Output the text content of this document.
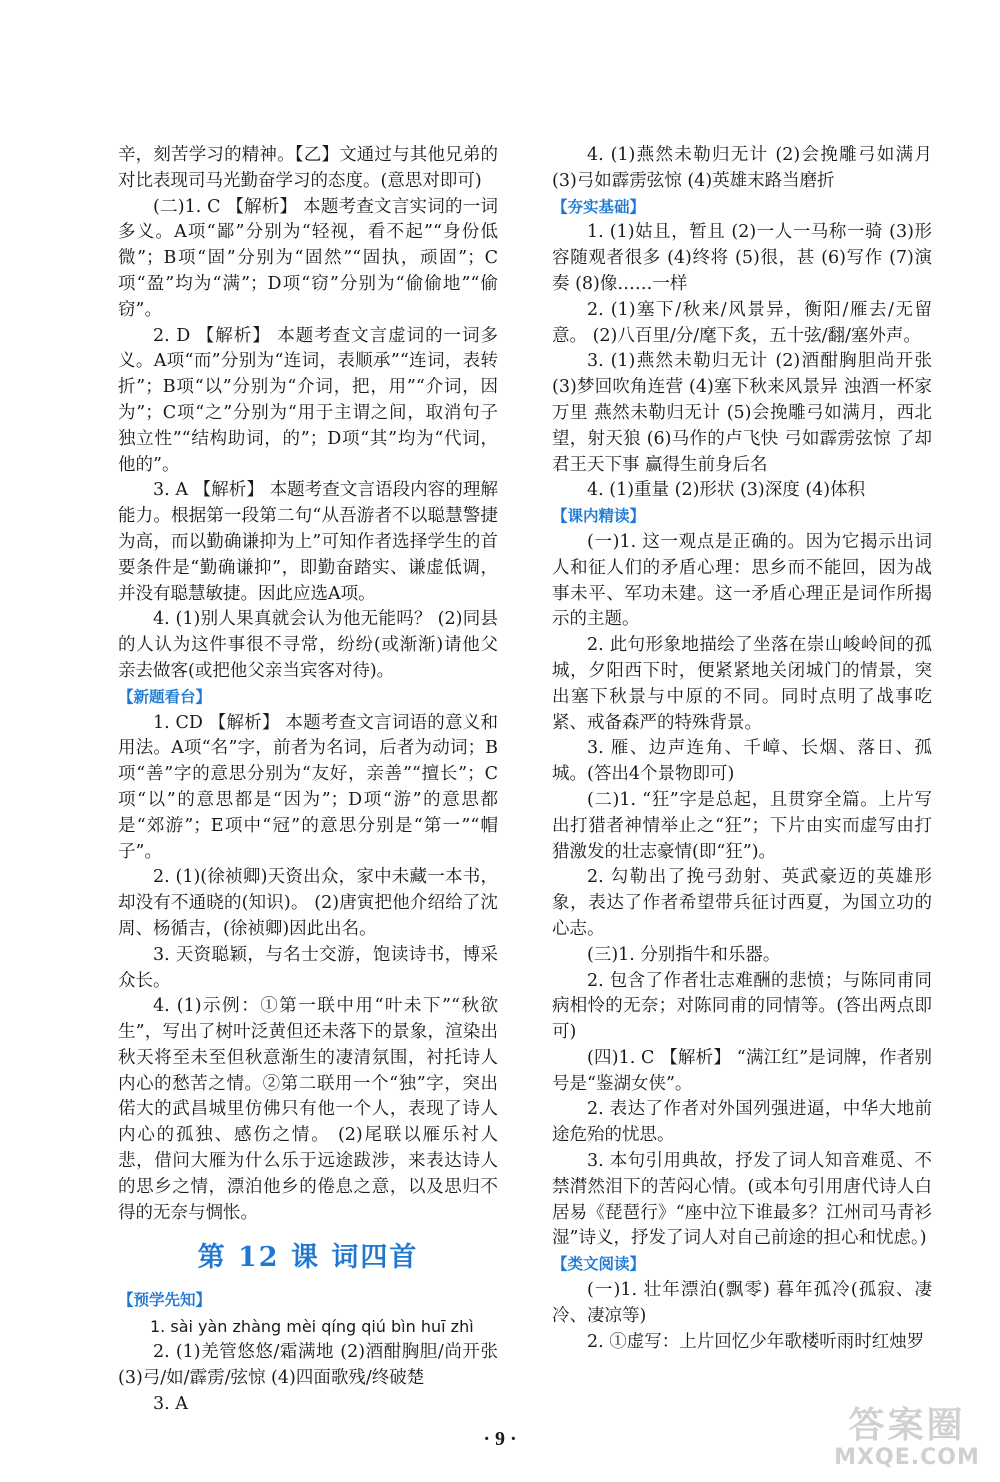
辛，刻苦学习的精神。【乙】文通过与其他兄弟的对比表现司马光勤奋学习的态度。(意思对即可)

(二)1. C 【解析】 本题考查文言实词的一词多义。A项“鄙”分别为“轻视，看不起”“身份低微”；B项“固”分别为“固然”“固执，顽固”；C项“盈”均为“满”；D项“窃”分别为“偷偷地”“偷窃”。

2. D 【解析】 本题考查文言虚词的一词多义。A项“而”分别为“连词，表顺承”“连词，表转折”；B项“以”分别为“介词，把，用”“介词，因为”；C项“之”分别为“用于主谓之间，取消句子独立性”“结构助词，的”；D项“其”均为“代词，他的”。

3. A 【解析】 本题考查文言语段内容的理解能力。根据第一段第二句“从吾游者不以聪慧警捷为高，而以勤确谦抑为上”可知作者选择学生的首要条件是“勤确谦抑”，即勤奋踏实、谦虚低调，并没有聪慧敏捷。因此应选A项。

4. (1)别人果真就会认为他无能吗？ (2)同县的人认为这件事很不寻常，纷纷(或渐渐)请他父亲去做客(或把他父亲当宾客对待)。

【新题看台】

1. CD 【解析】 本题考查文言词语的意义和用法。A项“名”字，前者为名词，后者为动词；B项“善”字的意思分别为“友好，亲善”“擅长”；C项“以”的意思都是“因为”；D项“游”的意思都是“郊游”；E项中“冠”的意思分别是“第一”“帽子”。

2. (1)(徐祯卿)天资出众，家中未藏一本书，却没有不通晓的(知识)。 (2)唐寅把他介绍给了沈周、杨循吉，(徐祯卿)因此出名。

3. 天资聪颖，与名士交游，饱读诗书，博采众长。

4. (1)示例：①第一联中用“叶未下”“秋欲生”，写出了树叶泛黄但还未落下的景象，渲染出秋天将至未至但秋意渐生的凄清氛围，衬托诗人内心的愁苦之情。②第二联用一个“独”字，突出偌大的武昌城里仿佛只有他一个人，表现了诗人内心的孤独、感伤之情。 (2)尾联以雁乐衬人悲，借问大雁为什么乐于远途跋涉，来表达诗人的思乡之情，漂泊他乡的倦息之意，以及思归不得的无奈与惆怅。

第 12 课 词四首
【预学先知】

1. sài yàn zhàng mèi qíng qiú bìn huī zhì

2. (1)羌管悠悠/霜满地 (2)酒酣胸胆/尚开张 (3)弓/如/霹雳/弦惊 (4)四面歌残/终破楚

3. A

4. (1)燕然未勒归无计 (2)会挽雕弓如满月 (3)弓如霹雳弦惊 (4)英雄末路当磨折

【夯实基础】

1. (1)姑且，暂且 (2)一人一马称一骑 (3)形容随观者很多 (4)终将 (5)很，甚 (6)写作 (7)演奏 (8)像……一样

2. (1)塞下/秋来/风景异，衡阳/雁去/无留意。 (2)八百里/分/麾下炙，五十弦/翻/塞外声。

3. (1)燕然未勒归无计 (2)酒酣胸胆尚开张 (3)梦回吹角连营 (4)塞下秋来风景异 浊酒一杯家万里 燕然未勒归无计 (5)会挽雕弓如满月，西北望，射天狼 (6)马作的卢飞快 弓如霹雳弦惊 了却君王天下事 赢得生前身后名

4. (1)重量 (2)形状 (3)深度 (4)体积

【课内精读】

(一)1. 这一观点是正确的。因为它揭示出词人和征人们的矛盾心理：思乡而不能回，因为战事未平、军功未建。这一矛盾心理正是词作所揭示的主题。

2. 此句形象地描绘了坐落在崇山峻岭间的孤城，夕阳西下时，便紧紧地关闭城门的情景，突出塞下秋景与中原的不同。同时点明了战事吃紧、戒备森严的特殊背景。

3. 雁、边声连角、千嶂、长烟、落日、孤城。(答出4个景物即可)

(二)1. “狂”字是总起，且贯穿全篇。上片写出打猎者神情举止之“狂”；下片由实而虚写由打猎激发的壮志豪情(即“狂”)。

2. 勾勒出了挽弓劲射、英武豪迈的英雄形象，表达了作者希望带兵征讨西夏，为国立功的心志。

(三)1. 分别指牛和乐器。

2. 包含了作者壮志难酬的悲愤；与陈同甫同病相怜的无奈；对陈同甫的同情等。(答出两点即可)

(四)1. C 【解析】 “满江红”是词牌，作者别号是“鉴湖女侠”。

2. 表达了作者对外国列强进逼，中华大地前途危殆的忧思。

3. 本句引用典故，抒发了词人知音难觅、不禁潸然泪下的苦闷心情。(或本句引用唐代诗人白居易《琵琶行》“座中泣下谁最多？江州司马青衫湿”诗义，抒发了词人对自己前途的担心和忧虑。)

【类文阅读】

(一)1. 壮年漂泊(飘零) 暮年孤冷(孤寂、凄冷、凄凉等)

2. ①虚写：上片回忆少年歌楼听雨时红烛罗

· 9 ·	答案圈
MXQE.COM
